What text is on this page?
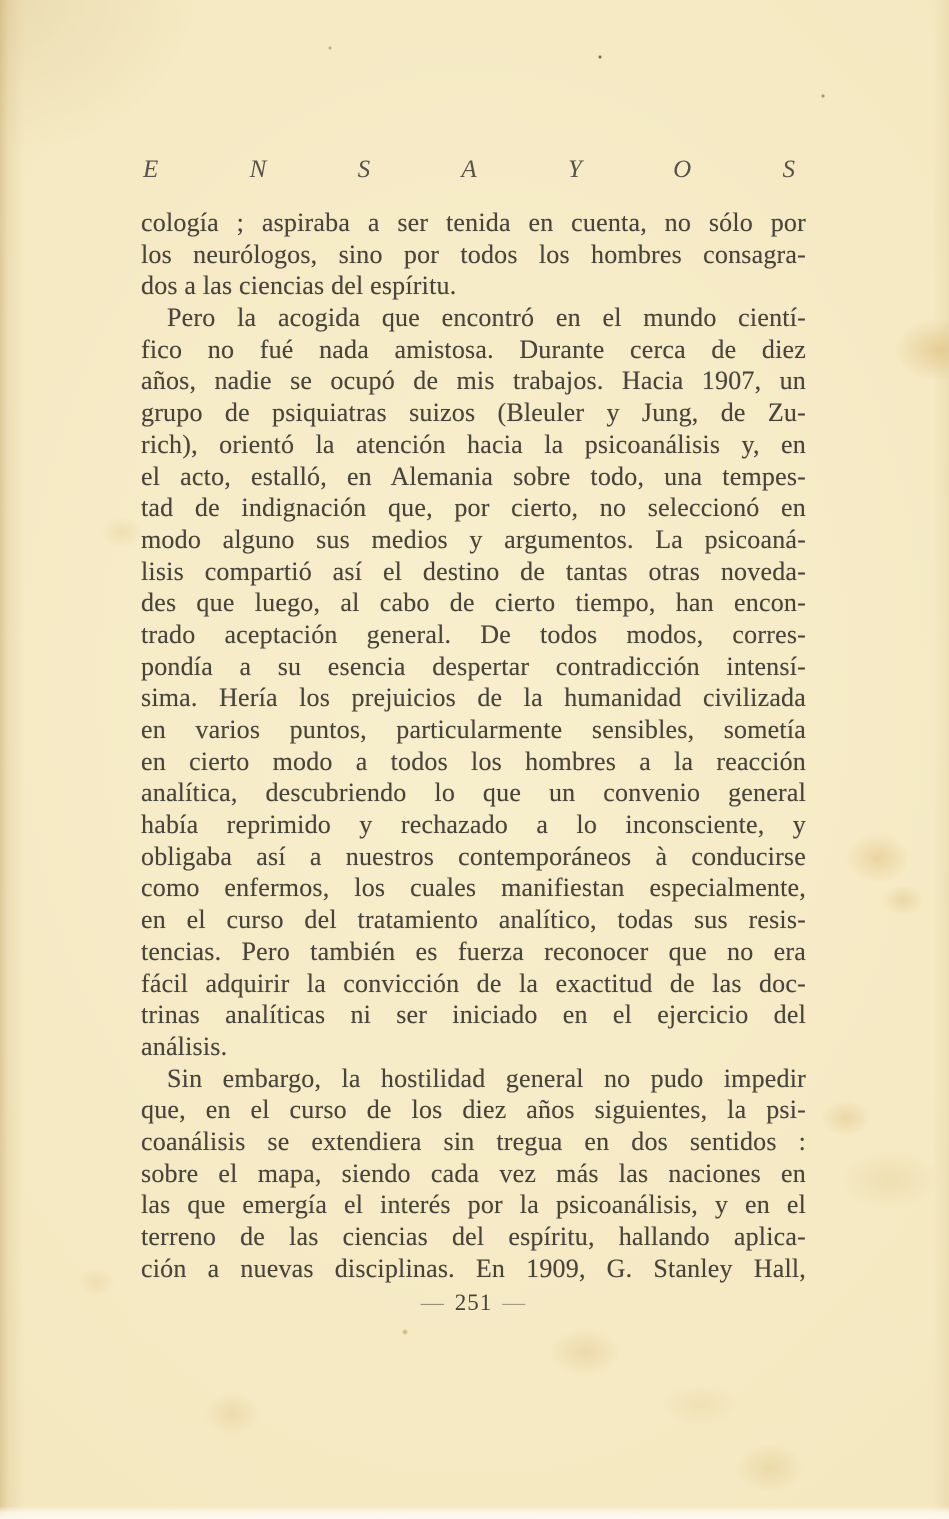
E	N	S	A	Y	O	S
cología ; aspiraba a ser tenida en cuenta, no sólo por
los neurólogos, sino por todos los hombres consagra-
dos a las ciencias del espíritu.
Pero la acogida que encontró en el mundo cientí-
fico no fué nada amistosa. Durante cerca de diez
años, nadie se ocupó de mis trabajos. Hacia 1907, un
grupo de psiquiatras suizos (Bleuler y Jung, de Zu-
rich), orientó la atención hacia la psicoanálisis y, en
el acto, estalló, en Alemania sobre todo, una tempes-
tad de indignación que, por cierto, no seleccionó en
modo alguno sus medios y argumentos. La psicoaná-
lisis compartió así el destino de tantas otras noveda-
des que luego, al cabo de cierto tiempo, han encon-
trado aceptación general. De todos modos, corres-
pondía a su esencia despertar contradicción intensí-
sima. Hería los prejuicios de la humanidad civilizada
en varios puntos, particularmente sensibles, sometía
en cierto modo a todos los hombres a la reacción
analítica, descubriendo lo que un convenio general
había reprimido y rechazado a lo inconsciente, y
obligaba así a nuestros contemporáneos à conducirse
como enfermos, los cuales manifiestan especialmente,
en el curso del tratamiento analítico, todas sus resis-
tencias. Pero también es fuerza reconocer que no era
fácil adquirir la convicción de la exactitud de las doc-
trinas analíticas ni ser iniciado en el ejercicio del
análisis.
Sin embargo, la hostilidad general no pudo impedir
que, en el curso de los diez años siguientes, la psi-
coanálisis se extendiera sin tregua en dos sentidos :
sobre el mapa, siendo cada vez más las naciones en
las que emergía el interés por la psicoanálisis, y en el
terreno de las ciencias del espíritu, hallando aplica-
ción a nuevas disciplinas. En 1909, G. Stanley Hall,
— 251 —
